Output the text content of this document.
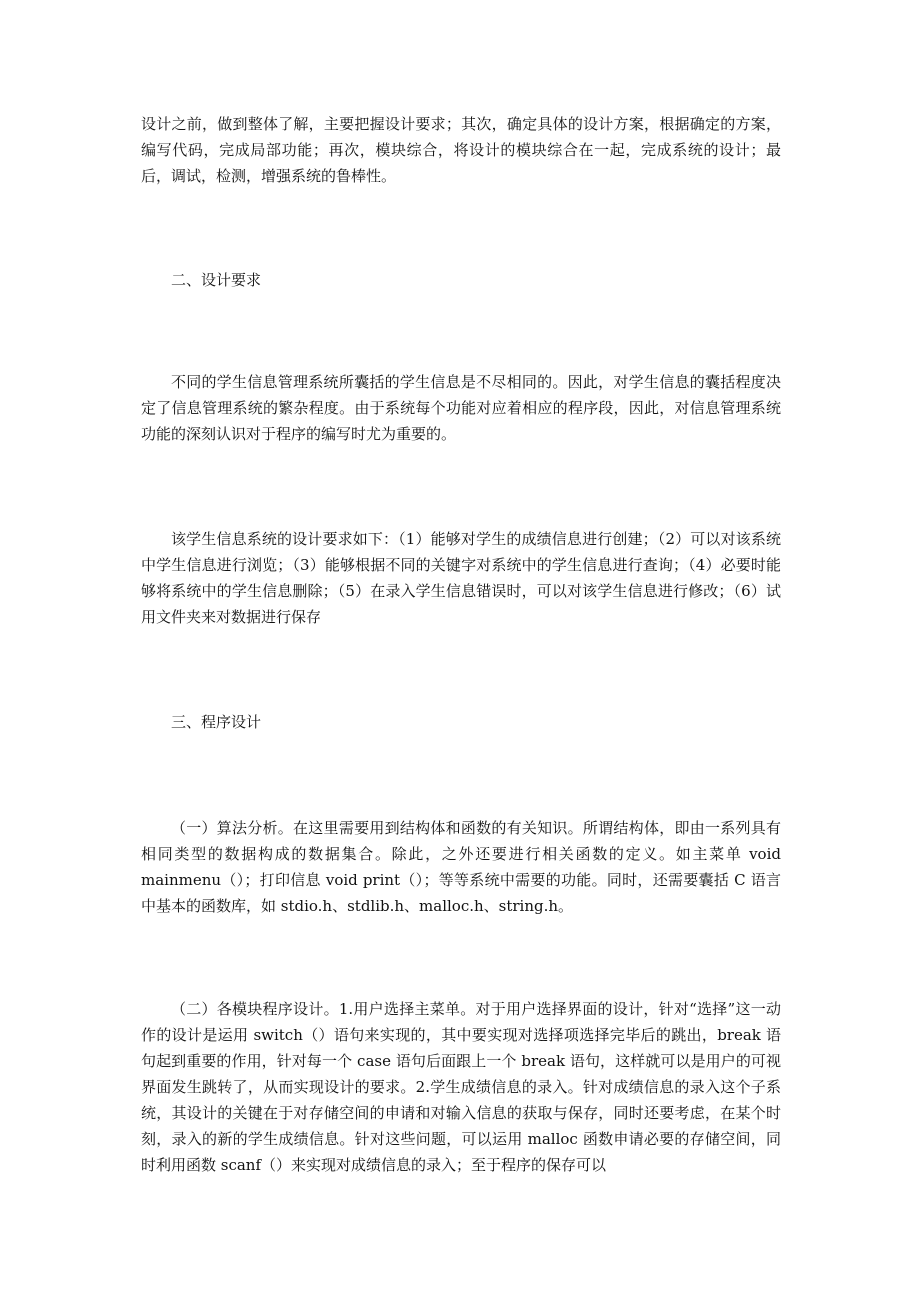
设计之前，做到整体了解，主要把握设计要求；其次，确定具体的设计方案，根据确定的方案，编写代码，完成局部功能；再次，模块综合，将设计的模块综合在一起，完成系统的设计；最后，调试，检测，增强系统的鲁棒性。

二、设计要求

不同的学生信息管理系统所囊括的学生信息是不尽相同的。因此，对学生信息的囊括程度决定了信息管理系统的繁杂程度。由于系统每个功能对应着相应的程序段，因此，对信息管理系统功能的深刻认识对于程序的编写时尤为重要的。

该学生信息系统的设计要求如下：（1）能够对学生的成绩信息进行创建；（2）可以对该系统中学生信息进行浏览；（3）能够根据不同的关键字对系统中的学生信息进行查询；（4）必要时能够将系统中的学生信息删除；（5）在录入学生信息错误时，可以对该学生信息进行修改；（6）试用文件夹来对数据进行保存

三、程序设计

（一）算法分析。在这里需要用到结构体和函数的有关知识。所谓结构体，即由一系列具有相同类型的数据构成的数据集合。除此，之外还要进行相关函数的定义。如主菜单 void mainmenu（）；打印信息 void print（）；等等系统中需要的功能。同时，还需要囊括 C 语言中基本的函数库，如 stdio.h、stdlib.h、malloc.h、string.h。

（二）各模块程序设计。1.用户选择主菜单。对于用户选择界面的设计，针对“选择”这一动作的设计是运用 switch（）语句来实现的，其中要实现对选择项选择完毕后的跳出，break 语句起到重要的作用，针对每一个 case 语句后面跟上一个 break 语句，这样就可以是用户的可视界面发生跳转了，从而实现设计的要求。2.学生成绩信息的录入。针对成绩信息的录入这个子系统，其设计的关键在于对存储空间的申请和对输入信息的获取与保存，同时还要考虑，在某个时刻，录入的新的学生成绩信息。针对这些问题，可以运用 malloc 函数申请必要的存储空间，同时利用函数 scanf（）来实现对成绩信息的录入；至于程序的保存可以
